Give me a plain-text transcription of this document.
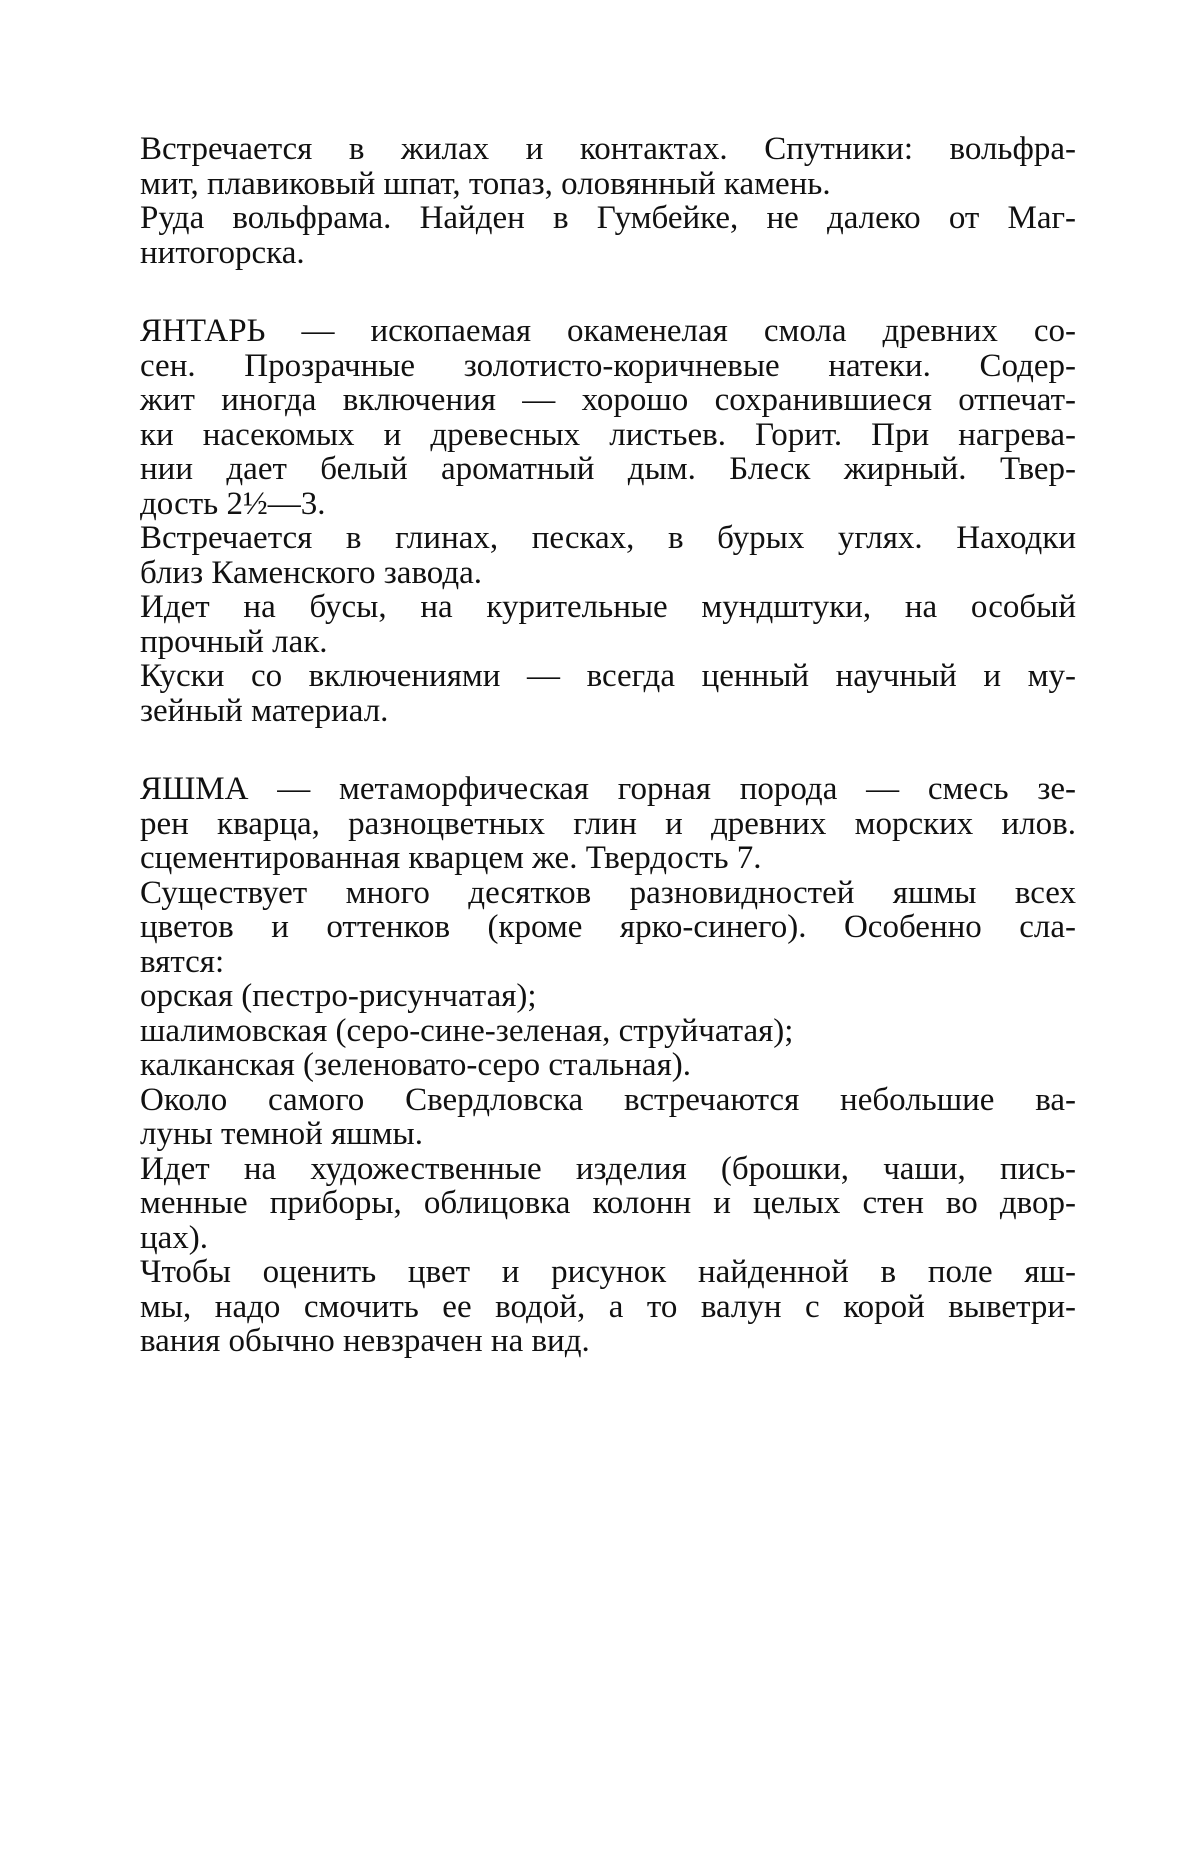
Встречается в жилах и контактах. Спутники: вольфра-
мит, плавиковый шпат, топаз, оловянный камень.
Руда вольфрама. Найден в Гумбейке, не далеко от Маг-
нитогорска.
ЯНТАРЬ — ископаемая окаменелая смола древних со-
сен. Прозрачные золотисто-коричневые натеки. Содер-
жит иногда включения — хорошо сохранившиеся отпечат-
ки насекомых и древесных листьев. Горит. При нагрева-
нии дает белый ароматный дым. Блеск жирный. Твер-
дость 2½—3.
Встречается в глинах, песках, в бурых углях. Находки
близ Каменского завода.
Идет на бусы, на курительные мундштуки, на особый
прочный лак.
Куски со включениями — всегда ценный научный и му-
зейный материал.
ЯШМА — метаморфическая горная порода — смесь зе-
рен кварца, разноцветных глин и древних морских илов.
сцементированная кварцем же. Твердость 7.
Существует много десятков разновидностей яшмы всех
цветов и оттенков (кроме ярко-синего). Особенно сла-
вятся:
орская (пестро-рисунчатая);
шалимовская (серо-сине-зеленая, струйчатая);
калканская (зеленовато-серо стальная).
Около самого Свердловска встречаются небольшие ва-
луны темной яшмы.
Идет на художественные изделия (брошки, чаши, пись-
менные приборы, облицовка колонн и целых стен во двор-
цах).
Чтобы оценить цвет и рисунок найденной в поле яш-
мы, надо смочить ее водой, а то валун с корой выветри-
вания обычно невзрачен на вид.
